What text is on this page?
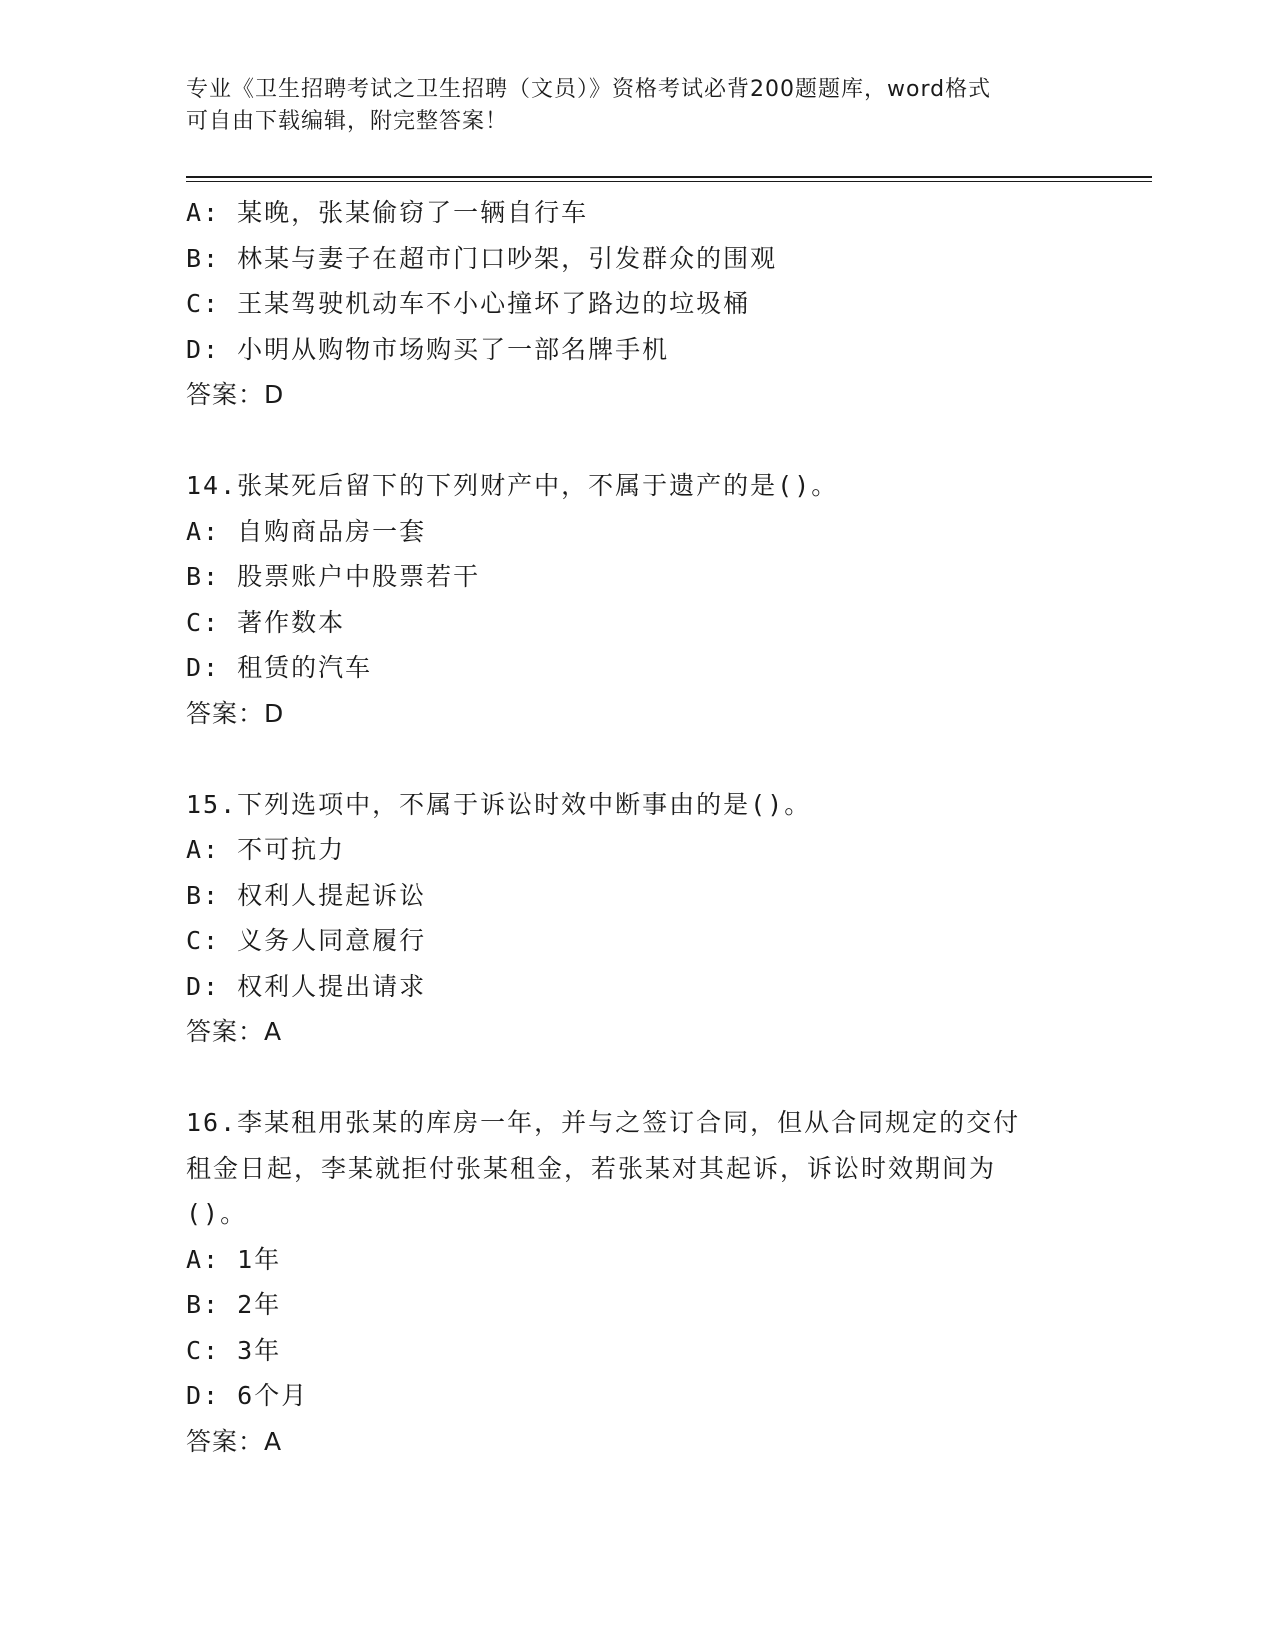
专业《卫生招聘考试之卫生招聘（文员）》资格考试必背200题题库，word格式
可自由下载编辑，附完整答案！
A: 某晚，张某偷窃了一辆自行车
B: 林某与妻子在超市门口吵架，引发群众的围观
C: 王某驾驶机动车不小心撞坏了路边的垃圾桶
D: 小明从购物市场购买了一部名牌手机
答案：D
14.张某死后留下的下列财产中，不属于遗产的是()。
A: 自购商品房一套
B: 股票账户中股票若干
C: 著作数本
D: 租赁的汽车
答案：D
15.下列选项中，不属于诉讼时效中断事由的是()。
A: 不可抗力
B: 权利人提起诉讼
C: 义务人同意履行
D: 权利人提出请求
答案：A
16.李某租用张某的库房一年，并与之签订合同，但从合同规定的交付
租金日起，李某就拒付张某租金，若张某对其起诉，诉讼时效期间为
()。
A: 1年
B: 2年
C: 3年
D: 6个月
答案：A
